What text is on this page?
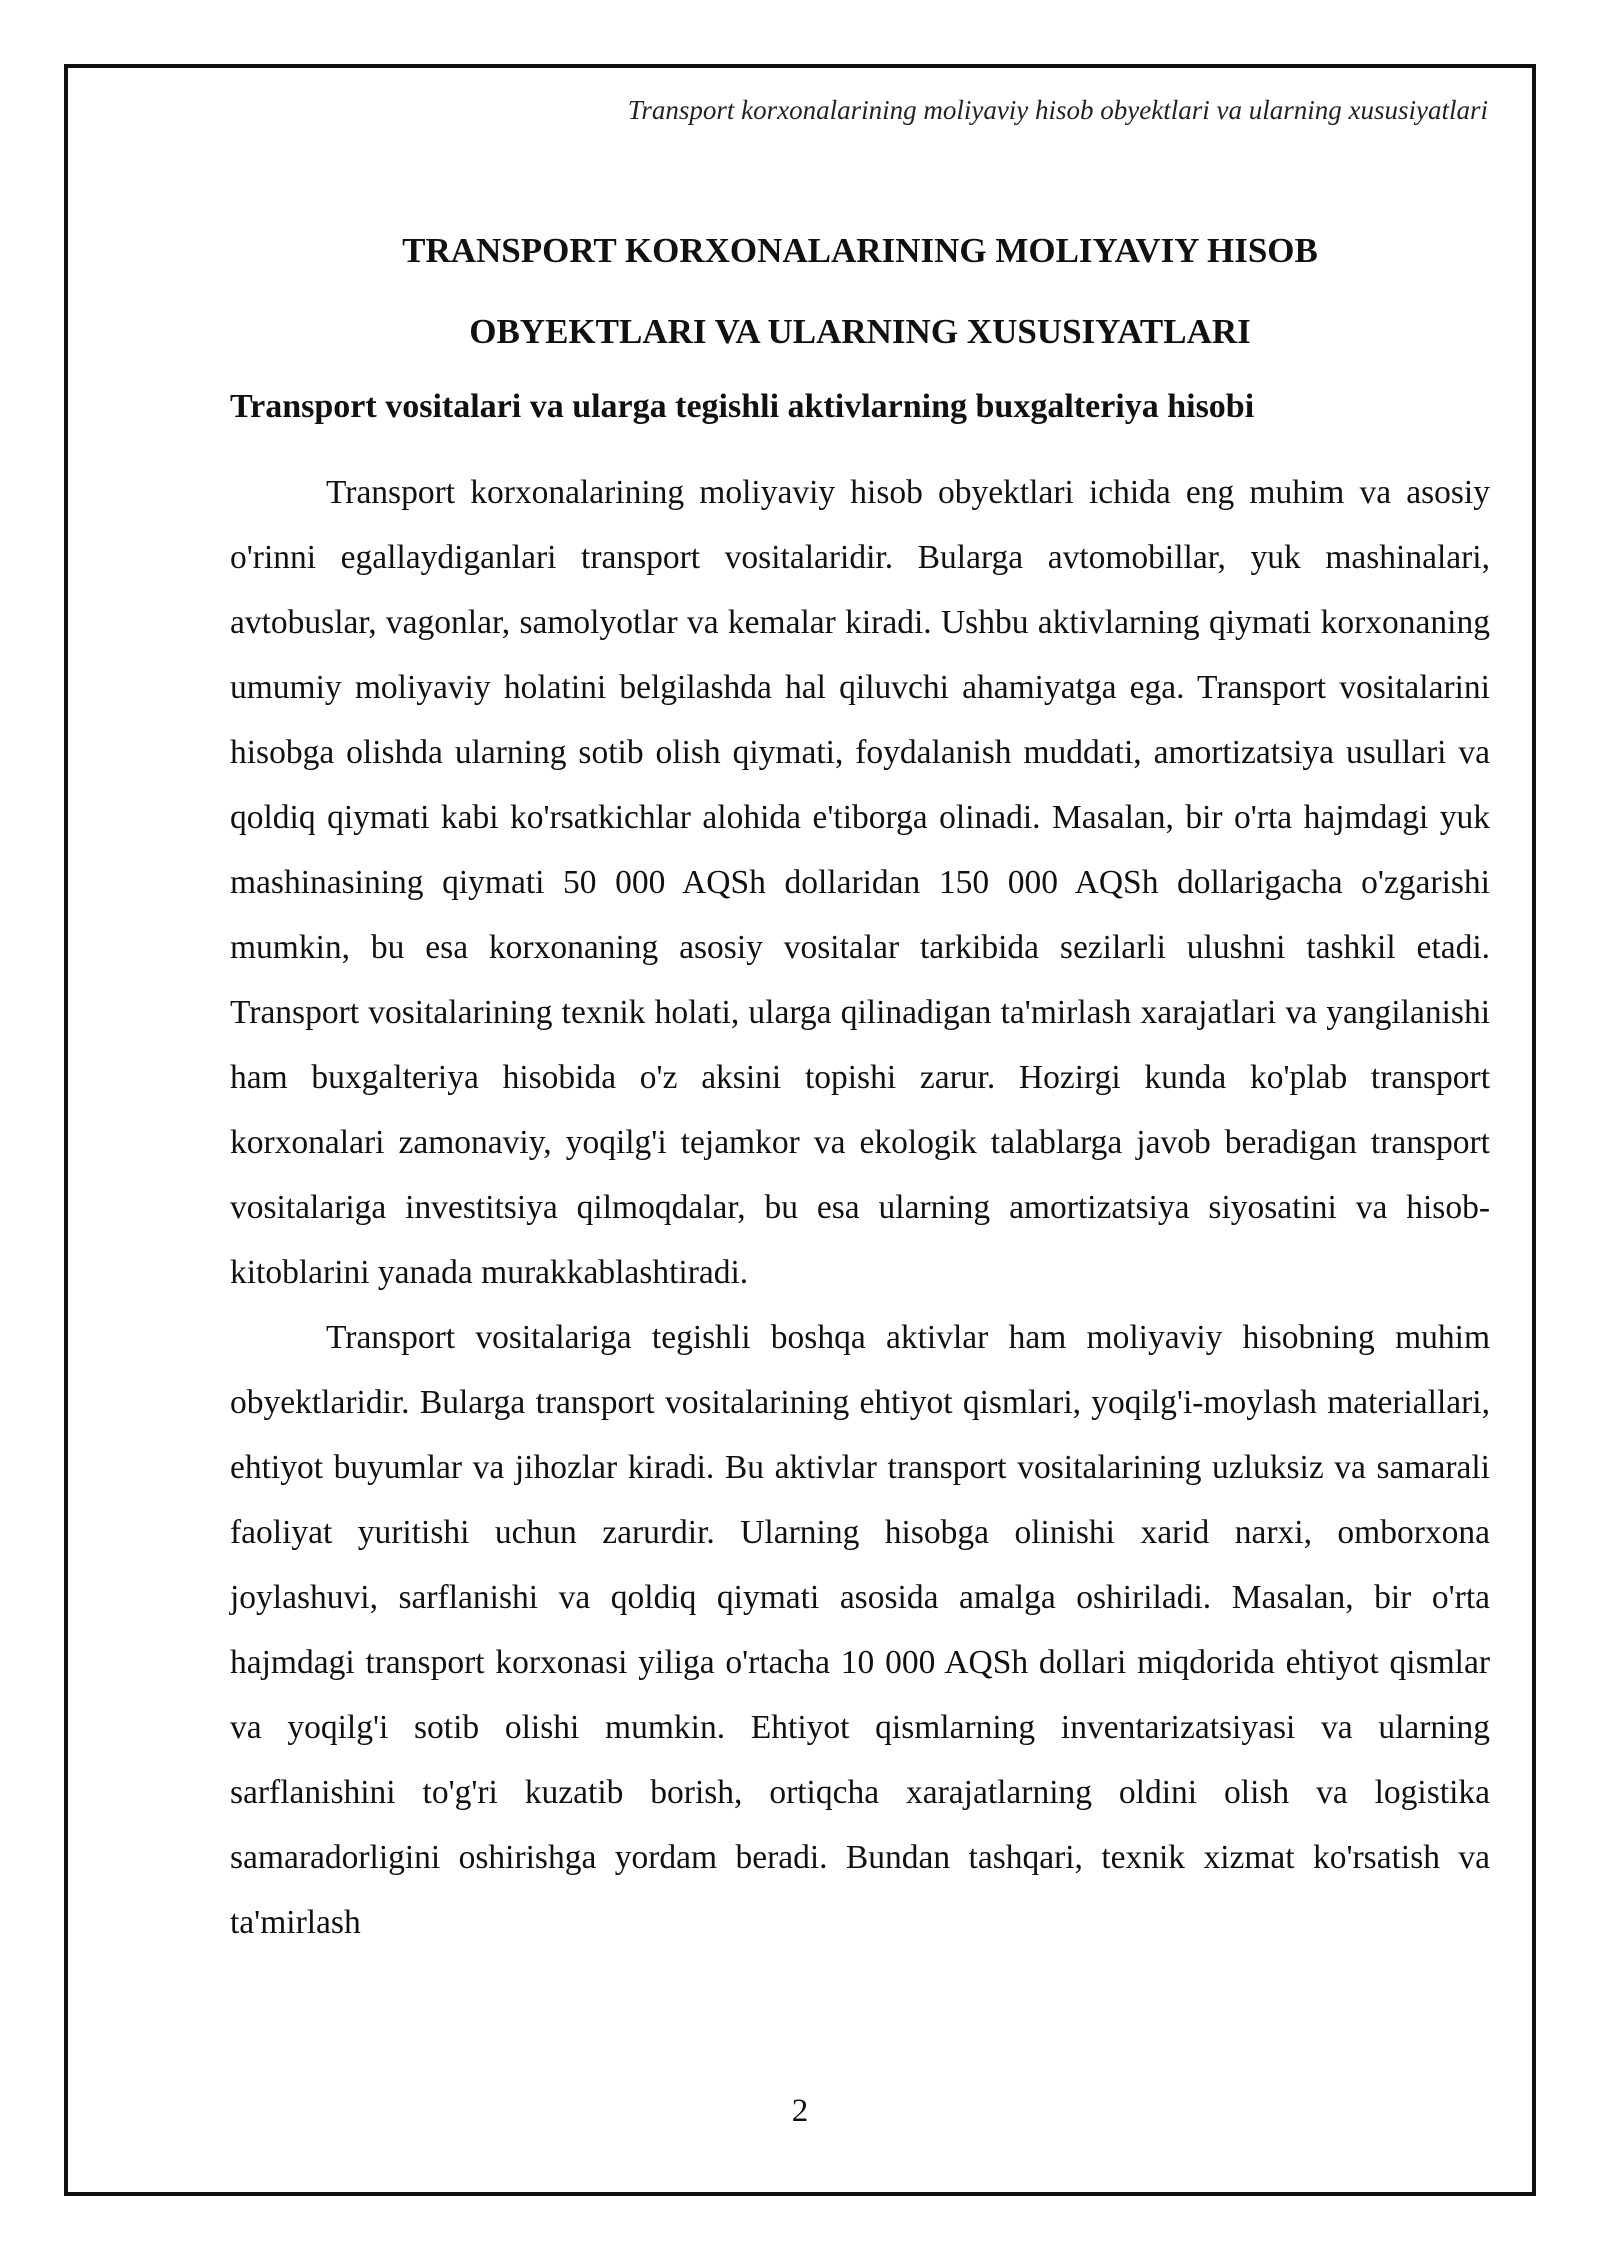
Transport korxonalarining moliyaviy hisob obyektlari va ularning xususiyatlari
TRANSPORT KORXONALARINING MOLIYAVIY HISOB
OBYEKTLARI VA ULARNING XUSUSIYATLARI
Transport vositalari va ularga tegishli aktivlarning buxgalteriya hisobi

Transport korxonalarining moliyaviy hisob obyektlari ichida eng muhim va asosiy o'rinni egallaydiganlari transport vositalaridir. Bularga avtomobillar, yuk mashinalari, avtobuslar, vagonlar, samolyotlar va kemalar kiradi. Ushbu aktivlarning qiymati korxonaning umumiy moliyaviy holatini belgilashda hal qiluvchi ahamiyatga ega. Transport vositalarini hisobga olishda ularning sotib olish qiymati, foydalanish muddati, amortizatsiya usullari va qoldiq qiymati kabi ko'rsatkichlar alohida e'tiborga olinadi. Masalan, bir o'rta hajmdagi yuk mashinasining qiymati 50 000 AQSh dollaridan 150 000 AQSh dollarigacha o'zgarishi mumkin, bu esa korxonaning asosiy vositalar tarkibida sezilarli ulushni tashkil etadi. Transport vositalarining texnik holati, ularga qilinadigan ta'mirlash xarajatlari va yangilanishi ham buxgalteriya hisobida o'z aksini topishi zarur. Hozirgi kunda ko'plab transport korxonalari zamonaviy, yoqilg'i tejamkor va ekologik talablarga javob beradigan transport vositalariga investitsiya qilmoqdalar, bu esa ularning amortizatsiya siyosatini va hisob-kitoblarini yanada murakkablashtiradi.

Transport vositalariga tegishli boshqa aktivlar ham moliyaviy hisobning muhim obyektlaridir. Bularga transport vositalarining ehtiyot qismlari, yoqilg'i-moylash materiallari, ehtiyot buyumlar va jihozlar kiradi. Bu aktivlar transport vositalarining uzluksiz va samarali faoliyat yuritishi uchun zarurdir. Ularning hisobga olinishi xarid narxi, omborxona joylashuvi, sarflanishi va qoldiq qiymati asosida amalga oshiriladi. Masalan, bir o'rta hajmdagi transport korxonasi yiliga o'rtacha 10 000 AQSh dollari miqdorida ehtiyot qismlar va yoqilg'i sotib olishi mumkin. Ehtiyot qismlarning inventarizatsiyasi va ularning sarflanishini to'g'ri kuzatib borish, ortiqcha xarajatlarning oldini olish va logistika samaradorligini oshirishga yordam beradi. Bundan tashqari, texnik xizmat ko'rsatish va ta'mirlash

2
